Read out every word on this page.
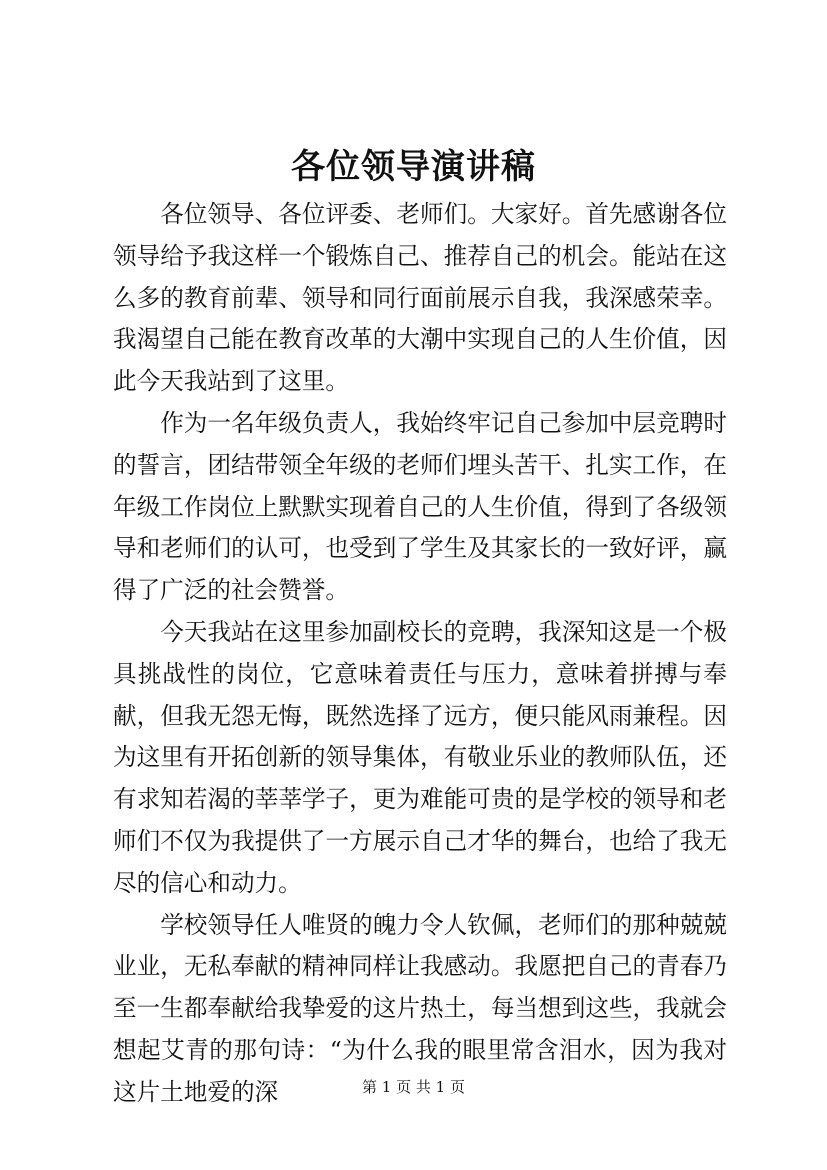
各位领导演讲稿

各位领导、各位评委、老师们。大家好。首先感谢各位领导给予我这样一个锻炼自己、推荐自己的机会。能站在这么多的教育前辈、领导和同行面前展示自我，我深感荣幸。我渴望自己能在教育改革的大潮中实现自己的人生价值，因此今天我站到了这里。

作为一名年级负责人，我始终牢记自己参加中层竞聘时的誓言，团结带领全年级的老师们埋头苦干、扎实工作，在年级工作岗位上默默实现着自己的人生价值，得到了各级领导和老师们的认可，也受到了学生及其家长的一致好评，赢得了广泛的社会赞誉。

今天我站在这里参加副校长的竞聘，我深知这是一个极具挑战性的岗位，它意味着责任与压力，意味着拼搏与奉献，但我无怨无悔，既然选择了远方，便只能风雨兼程。因为这里有开拓创新的领导集体，有敬业乐业的教师队伍，还有求知若渴的莘莘学子，更为难能可贵的是学校的领导和老师们不仅为我提供了一方展示自己才华的舞台，也给了我无尽的信心和动力。

学校领导任人唯贤的魄力令人钦佩，老师们的那种兢兢业业，无私奉献的精神同样让我感动。我愿把自己的青春乃至一生都奉献给我挚爱的这片热土，每当想到这些，我就会想起艾青的那句诗：“为什么我的眼里常含泪水，因为我对这片土地爱的深	第 1 页 共 1 页
